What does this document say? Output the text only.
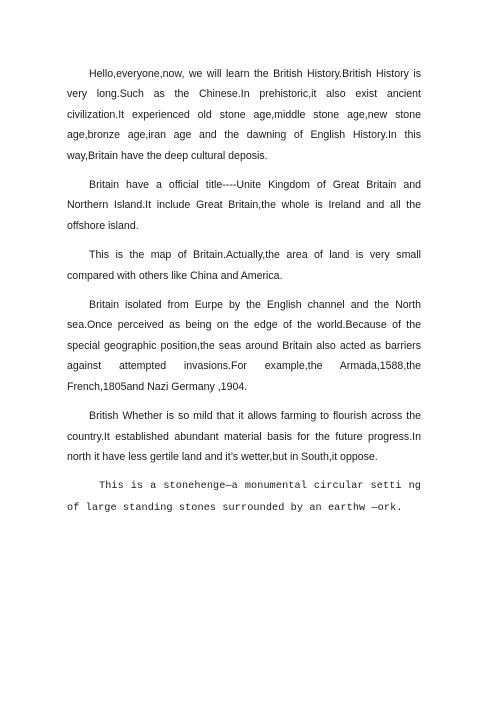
Hello,everyone,now, we will learn the British History.British History is very long.Such as the Chinese.In prehistoric,it also exist ancient civilization.It experienced old stone age,middle stone age,new stone age,bronze age,iran age and the dawning of English History.In this way,Britain have the deep cultural deposis.

Britain have a official title----Unite Kingdom of Great Britain and Northern Island.It include Great Britain,the whole is Ireland and all the offshore island.

This is the map of Britain.Actually,the area of land is very small compared with others like China and America.

Britain isolated from Eurpe by the English channel and the North sea.Once perceived as being on the edge of the world.Because of the special geographic position,the seas around Britain also acted as barriers against attempted invasions.For example,the Armada,1588,the French,1805and Nazi Germany ,1904.

British Whether is so mild that it allows farming to flourish across the country.It established abundant material basis for the future progress.In north it have less gertile land and it’s wetter,but in South,it oppose.

This is a stonehenge—a monumental circular setti ng of large standing stones surrounded by an earthw —ork.
